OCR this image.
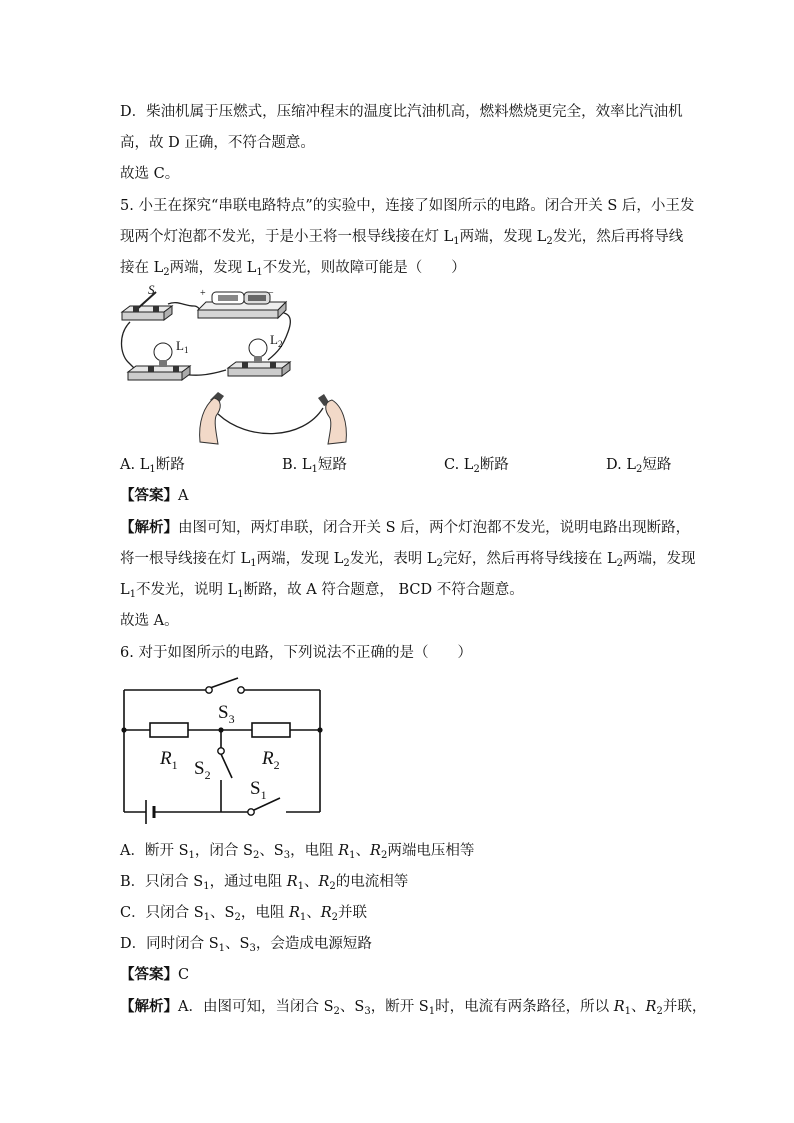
D．柴油机属于压燃式，压缩冲程末的温度比汽油机高，燃料燃烧更完全，效率比汽油机
高，故 D 正确，不符合题意。
故选 C。
5. 小王在探究“串联电路特点”的实验中，连接了如图所示的电路。闭合开关 S 后，小王发
现两个灯泡都不发光，于是小王将一根导线接在灯 $L_1$两端，发现 $L_2$发光，然后再将导线
接在 $L_2$两端，发现 $L_1$不发光，则故障可能是（　　）
S	+	−
$L_1$
$L_2$
A. $L_1$断路	B. $L_1$短路	C. $L_2$断路	D. $L_2$短路
【答案】A
【解析】由图可知，两灯串联，闭合开关 S 后，两个灯泡都不发光，说明电路出现断路，
将一根导线接在灯 $L_1$两端，发现 $L_2$发光，表明 $L_2$完好，然后再将导线接在 $L_2$两端，发现
$L_1$不发光，说明 $L_1$断路，故 A 符合题意， BCD 不符合题意。
故选 A。
6. 对于如图所示的电路，下列说法不正确的是（　　）
$S_3$
$R_1$	$R_2$
$S_2$
$S_1$
A．断开 $S_1$，闭合 $S_2$、$S_3$，电阻 $R_1$、$R_2$两端电压相等
B．只闭合 $S_1$，通过电阻 $R_1$、$R_2$的电流相等
C．只闭合 $S_1$、$S_2$，电阻 $R_1$、$R_2$并联
D．同时闭合 $S_1$、$S_3$，会造成电源短路
【答案】C
【解析】A．由图可知，当闭合 $S_2$、$S_3$，断开 $S_1$时，电流有两条路径，所以 $R_1$、$R_2$并联，
